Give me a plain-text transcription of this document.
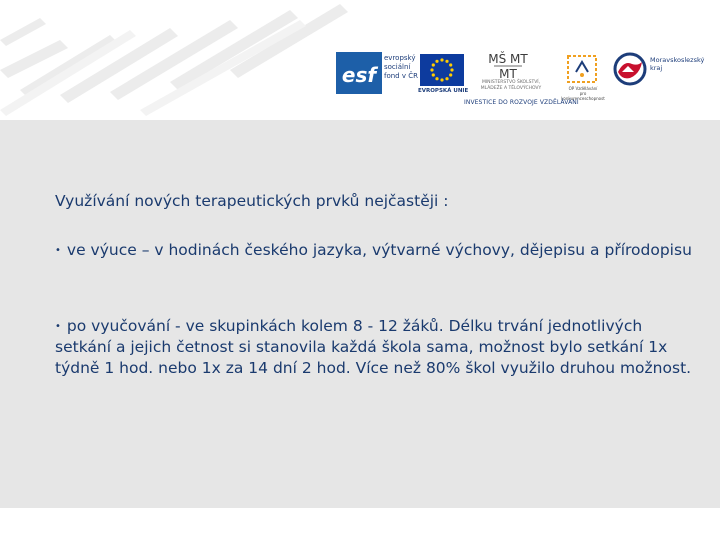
esf
evropský
sociální
fond v ČR
EVROPSKÁ UNIE
MŠ MT
MT
MINISTERSTVO ŠKOLSTVÍ,
MLÁDEŽE A TĚLOVÝCHOVY	OP Vzdělávání
pro konkurenceschopnost
Moravskoslezský
kraj
INVESTICE DO ROZVOJE VZDĚLÁVÁNÍ
Využívání nových terapeutických prvků nejčastěji :

• ve výuce – v hodinách českého jazyka, výtvarné výchovy, dějepisu a přírodopisu

• po vyučování - ve skupinkách kolem 8 - 12 žáků. Délku trvání jednotlivých setkání a jejich četnost si stanovila každá škola sama, možnost bylo setkání 1x týdně 1 hod. nebo 1x za 14 dní 2 hod. Více než 80% škol využilo druhou možnost.
